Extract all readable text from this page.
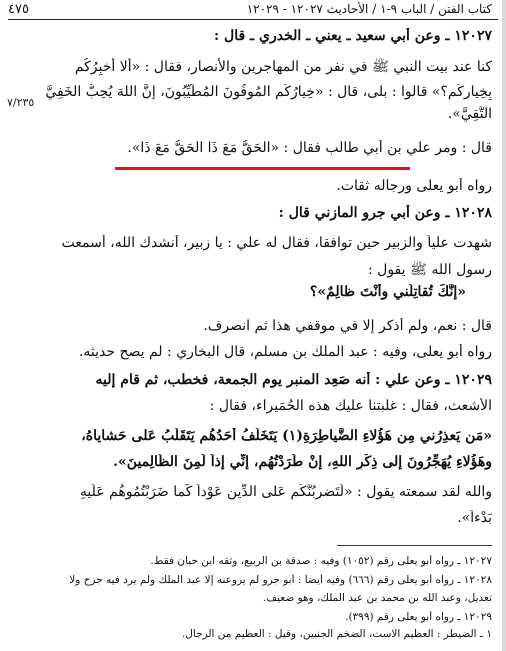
كتاب الفتن / الباب ٩-١ / الأحاديث ١٢٠٢٧ - ١٢٠٢٩
٤٧٥
١٢٠٢٧ ـ وعن أبي سعيد ـ يعني ـ الخدري ـ قال :
كنا عند بيت النبي ﷺ في نفر من المهاجرين والأنصار، فقال : «ألا أُخبِرُكُم
بِخِيارِكُم؟» قالوا : بلى، قال : «خِيارُكُم المُوفُونَ المُطَيِّبُونَ، إنَّ اللهَ يُحِبُّ الخَفِيَّ
التَّقِيَّ».
٧/٢٣٥
قال : ومر علي بن أبي طالب فقال : «الحَقُّ مَعَ ذَا الحَقُّ مَعَ ذَا».
رواه أبو يعلى ورجاله ثقات.
١٢٠٢٨ ـ وعن أبي جرو المازني قال :
شهدت علياً والزبير حين توافقا، فقال له علي : يا زبير، أنشدك الله، أسمعت
رسول الله ﷺ يقول :
«إنَّكَ تُقاتِلُني وأَنْتَ ظالِمٌ»؟
قال : نعم، ولم أذكر إلا في موقفي هذا ثم انصرف.
رواه أبو يعلى، وفيه : عبد الملك بن مسلم، قال البخاري : لم يصح حديثه.
١٢٠٢٩ ـ وعن علي : أنه صَعِد المنبر يوم الجمعة، فخطب، ثم قام إليه
الأشعث، فقال : غلبتنا عليك هذه الحُمَيراء، فقال :
«مَن يَعذِرُني مِن هَؤُلاءِ الضَّياطِرَةِ(١) يَتَخَلَّفُ أَحَدُهُم يَتَقَلَّبُ عَلى حَشاياهُ،
وهَؤُلاءِ يُهَجِّرُونَ إلى ذِكْرِ اللهِ، إنْ طَرَدْتُهُم، إنِّي إذاً لَمِنَ الظَّالِمينَ».
والله لقد سمعته يقول : «لَتَضرِبُنَّكُم عَلى الدِّينِ عَوْداً كَما ضَرَبْتُمُوهُم عَلَيهِ
بَدْءاً».
١٢٠٢٧ ـ رواه أبو يعلى رقم (١٠٥٢) وفيه : صدقة بن الربيع، وثقه ابن حبان فقط.
١٢٠٢٨ ـ رواه أبو يعلى رقم (٦٦٦) وفيه أيضاً : أبو جرو لم يروعنه إلا عبد الملك ولم يرد فيه جرح ولا
تعديل، وعبد الله بن محمد بن عبد الملك، وهو ضعيف.
١٢٠٢٩ ـ رواه أبو يعلى رقم (٣٩٩).
١ ـ الضيطر : العظيم الاست، الضخم الجنبين، وقيل : العظيم من الرجال.
